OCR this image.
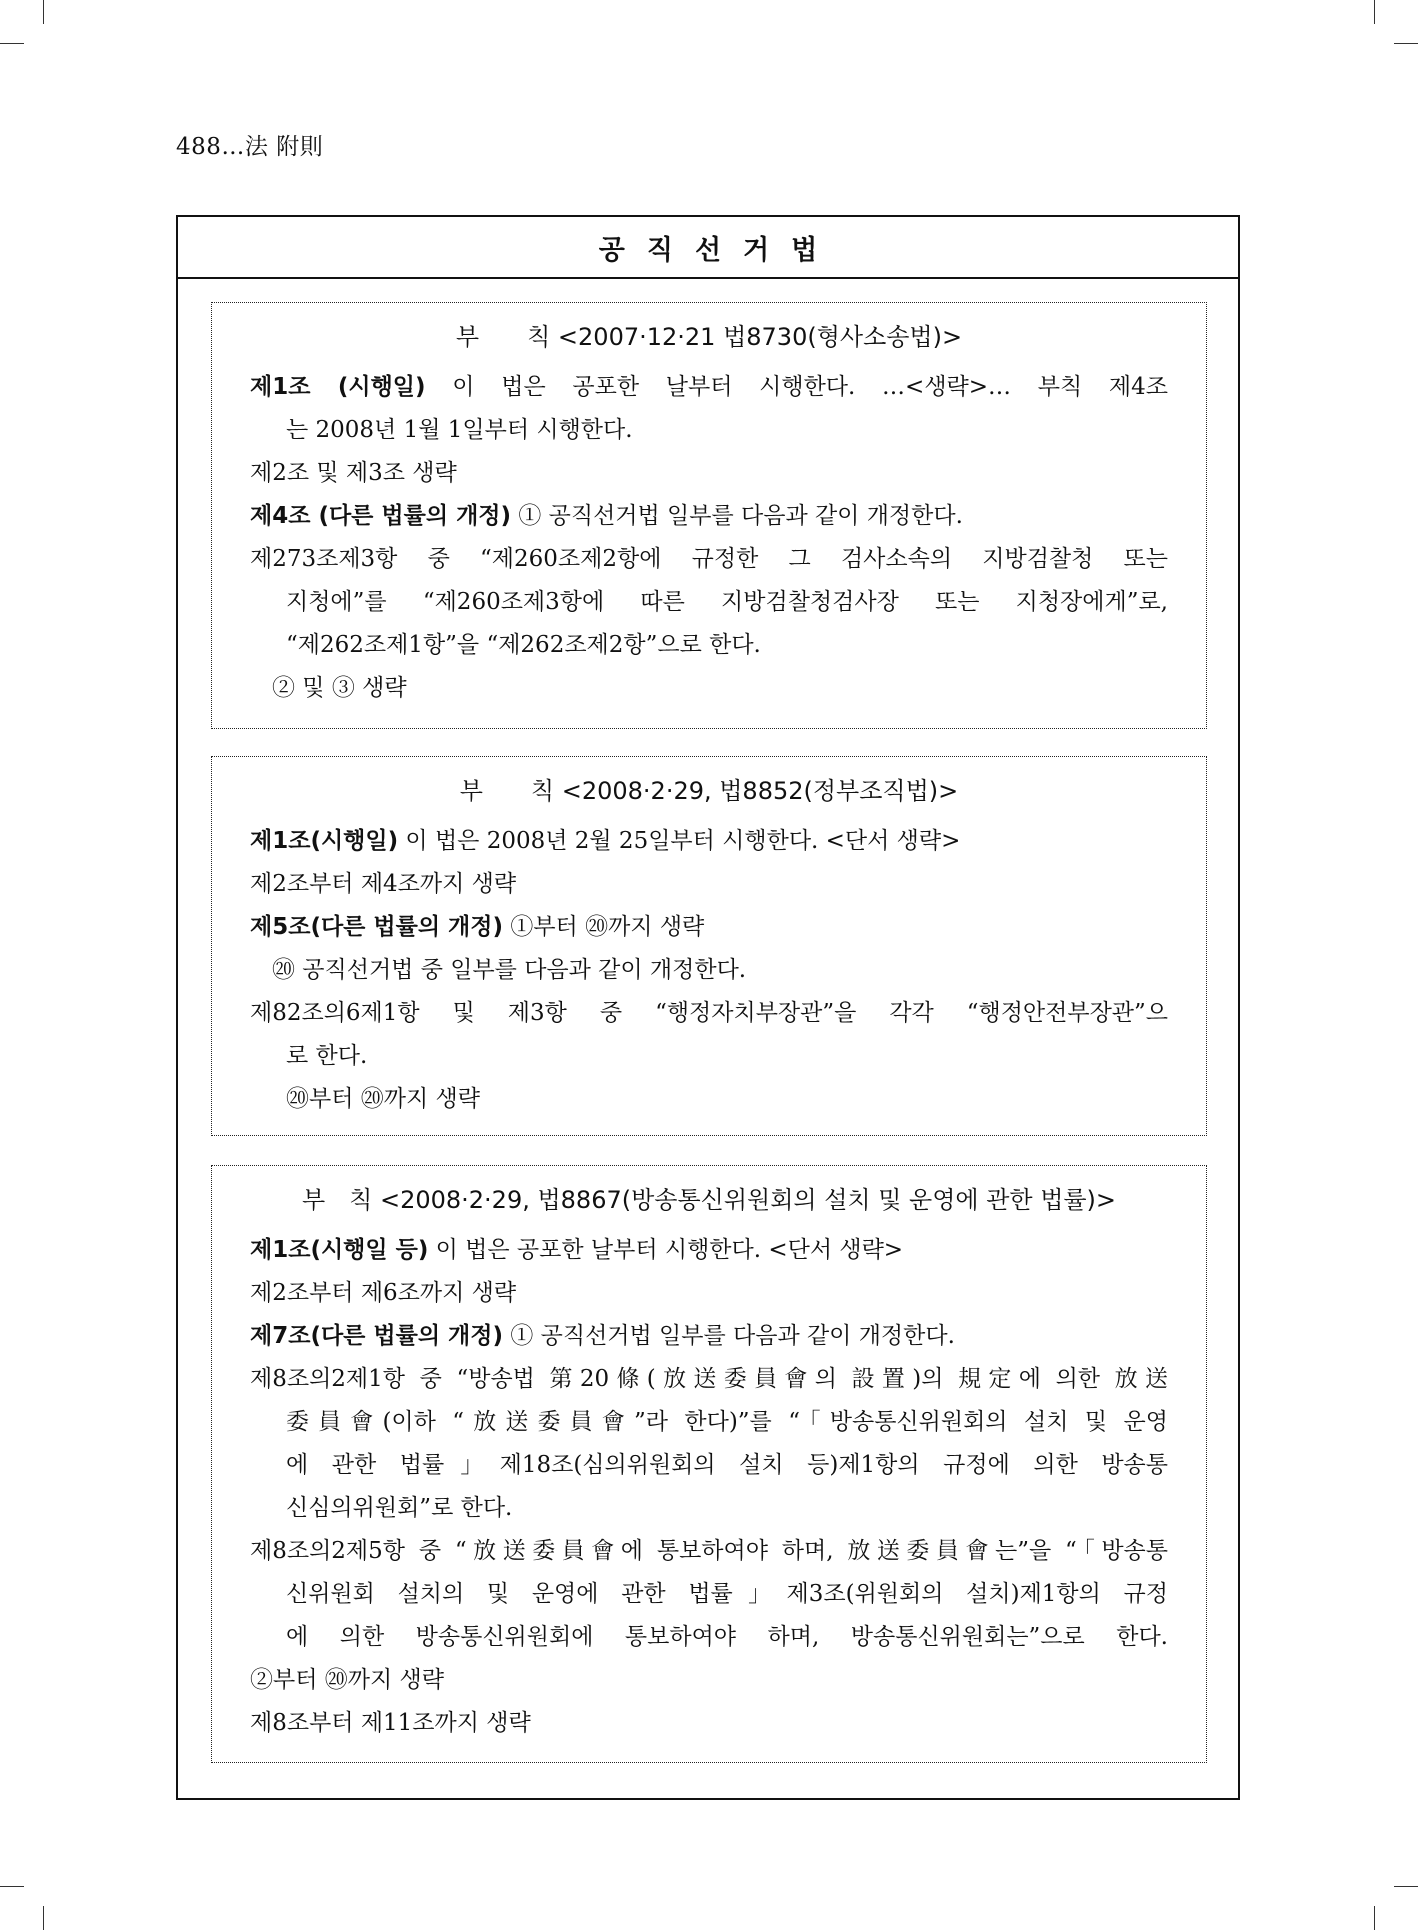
488…法 附則
공직선거법
부 칙 <2007·12·21 법8730(형사소송법)>
제1조 (시행일) 이 법은 공포한 날부터 시행한다. …<생략>… 부칙 제4조
는 2008년 1월 1일부터 시행한다.
제2조 및 제3조 생략
제4조 (다른 법률의 개정) ① 공직선거법 일부를 다음과 같이 개정한다.
제273조제3항 중 “제260조제2항에 규정한 그 검사소속의 지방검찰청 또는
지청에”를 “제260조제3항에 따른 지방검찰청검사장 또는 지청장에게”로,
“제262조제1항”을 “제262조제2항”으로 한다.
② 및 ③ 생략
부 칙 <2008·2·29, 법8852(정부조직법)>
제1조(시행일) 이 법은 2008년 2월 25일부터 시행한다. <단서 생략>
제2조부터 제4조까지 생략
제5조(다른 법률의 개정) ①부터 ⑳까지 생략
⑳ 공직선거법 중 일부를 다음과 같이 개정한다.
제82조의6제1항 및 제3항 중 “행정자치부장관”을 각각 “행정안전부장관”으
로 한다.
⑳부터 ⑳까지 생략
부 칙 <2008·2·29, 법8867(방송통신위원회의 설치 및 운영에 관한 법률)>
제1조(시행일 등) 이 법은 공포한 날부터 시행한다. <단서 생략>
제2조부터 제6조까지 생략
제7조(다른 법률의 개정) ① 공직선거법 일부를 다음과 같이 개정한다.
제8조의2제1항 중 “방송법 第20條(放送委員會의 設置)의 規定에 의한 放送
委員會(이하 “放送委員會”라 한다)”를 “「방송통신위원회의 설치 및 운영
에 관한 법률」제18조(심의위원회의 설치 등)제1항의 규정에 의한 방송통
신심의위원회”로 한다.
제8조의2제5항 중 “放送委員會에 통보하여야 하며, 放送委員會는”을 “「방송통
신위원회 설치의 및 운영에 관한 법률」제3조(위원회의 설치)제1항의 규정
에 의한 방송통신위원회에 통보하여야 하며, 방송통신위원회는”으로 한다.
②부터 ⑳까지 생략
제8조부터 제11조까지 생략
